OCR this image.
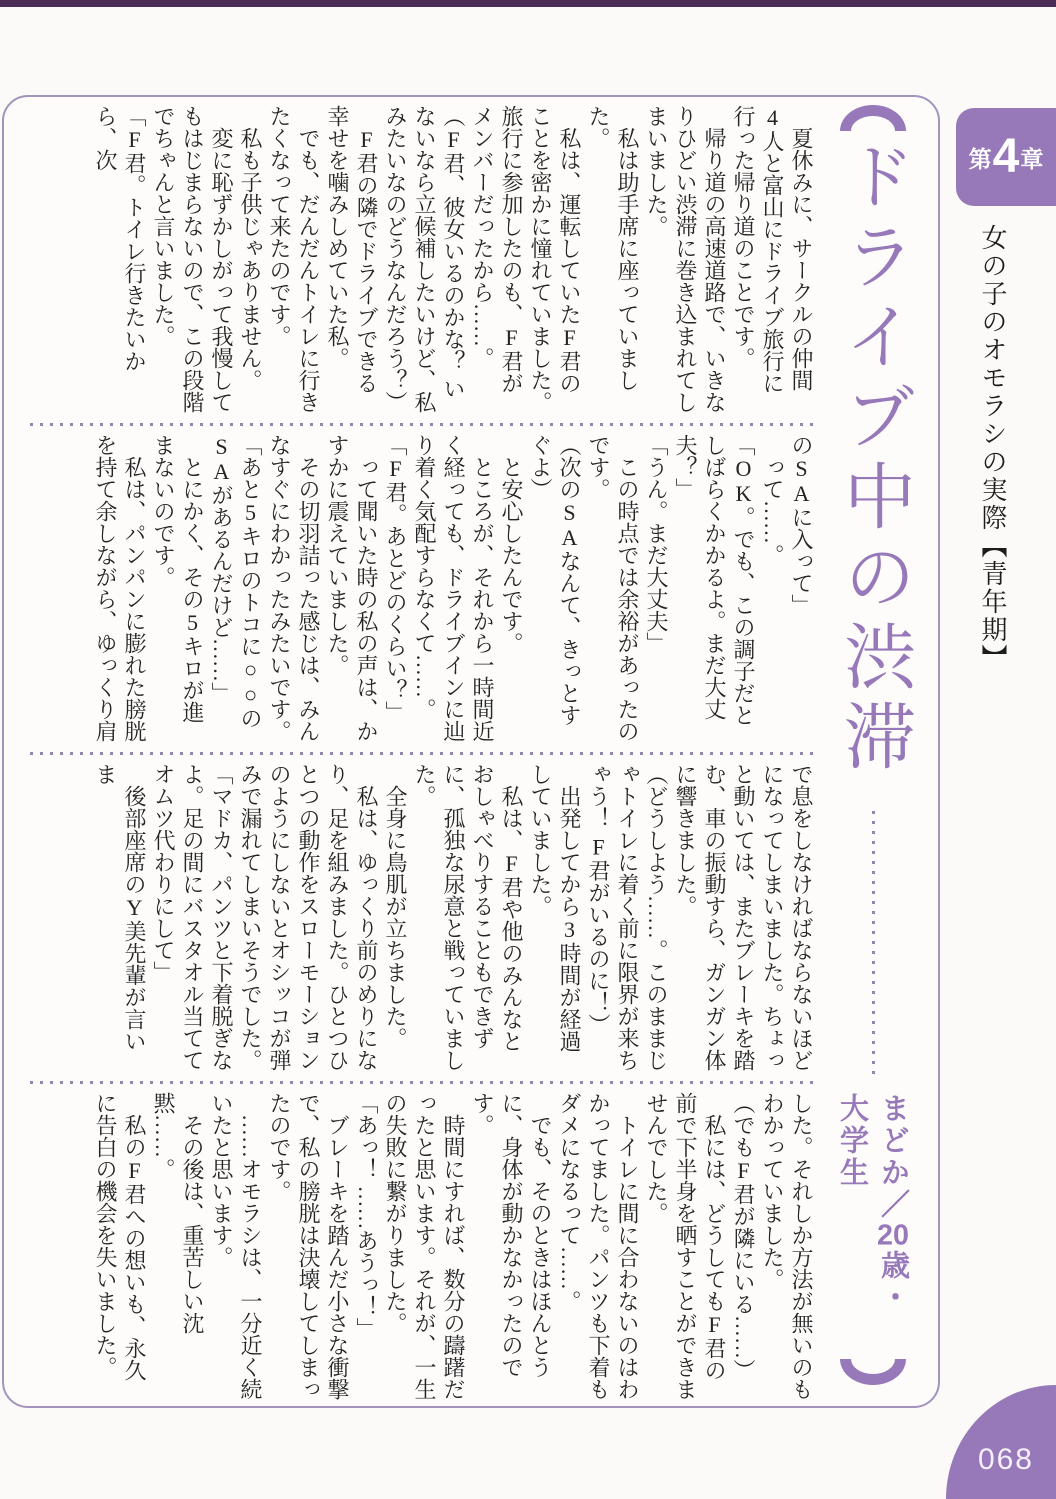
夏休みに、サークルの仲間4人と富山にドライブ旅行に行った帰り道のことです。

帰り道の高速道路で、いきなりひどい渋滞に巻き込まれてしまいました。

私は助手席に座っていました。

私は、運転していたF君のことを密かに憧れていました。旅行に参加したのも、F君がメンバーだったから……。

（F君、彼女いるのかな？ いないなら立候補したいけど、私みたいなのどうなんだろう？）

F君の隣でドライブできる幸せを噛みしめていた私。

でも、だんだんトイレに行きたくなって来たのです。

私も子供じゃありません。

変に恥ずかしがって我慢してもはじまらないので、この段階でちゃんと言いました。

「F君。トイレ行きたいから、次

のSAに入って」

って……。

「OK。でも、この調子だとしばらくかかるよ。まだ大丈夫？」

「うん。まだ大丈夫」

この時点では余裕があったのです。

（次のSAなんて、きっとすぐよ）

と安心したんです。

ところが、それから一時間近く経っても、ドライブインに辿り着く気配すらなくて……。

「F君。あとどのくらい？」

って聞いた時の私の声は、かすかに震えていました。

その切羽詰った感じは、みんなすぐにわかったみたいです。

「あと5キロのトコに○○のSAがあるんだけど……」

とにかく、その5キロが進まないのです。

私は、パンパンに膨れた膀胱を持て余しながら、ゆっくり肩

で息をしなければならないほどになってしまいました。ちょっと動いては、またブレーキを踏む、車の振動すら、ガンガン体に響きました。

（どうしよう……。このままじゃトイレに着く前に限界が来ちゃう！ F君がいるのに！）

出発してから3時間が経過していました。

私は、F君や他のみんなとおしゃべりすることもできずに、孤独な尿意と戦っていました。

全身に鳥肌が立ちました。

私は、ゆっくり前のめりになり、足を組みました。ひとつひとつの動作をスローモーションのようにしないとオシッコが弾みで漏れてしまいそうでした。

「マドカ、パンツと下着脱ぎなよ。足の間にバスタオル当ててオムツ代わりにして」

後部座席のY美先輩が言いま

した。それしか方法が無いのもわかっていました。

（でもF君が隣にいる……）

私には、どうしてもF君の前で下半身を晒すことができませんでした。

トイレに間に合わないのはわかってました。パンツも下着もダメになるって……。

でも、そのときはほんとうに、身体が動かなかったのです。

時間にすれば、数分の躊躇だったと思います。それが、一生の失敗に繋がりました。

「あっ！ ……あうっ！」

ブレーキを踏んだ小さな衝撃で、私の膀胱は決壊してしまったのです。

……オモラシは、一分近く続いたと思います。

その後は、重苦しい沈黙……。

私のF君への想いも、永久に告白の機会を失いました。

ドライブ中の渋滞
まどか／20歳・大学生
第 4 章
女の子のオモラシの実際【青年期】
068
